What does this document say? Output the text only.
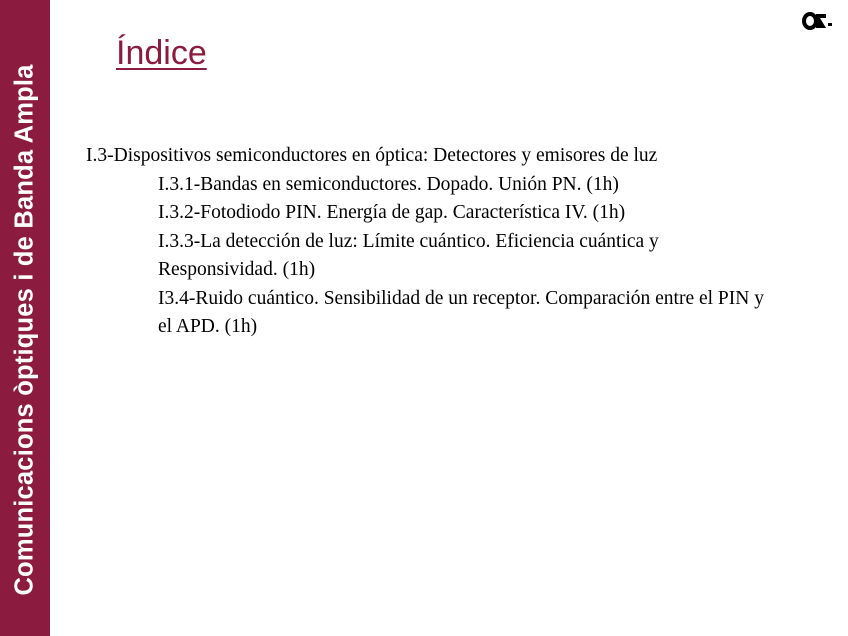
Comunicacions òptiques i de Banda Ampla
Índice
I.3-Dispositivos semiconductores en óptica: Detectores y emisores de luz
I.3.1-Bandas en semiconductores. Dopado. Unión PN. (1h)
I.3.2-Fotodiodo PIN. Energía de gap. Característica IV. (1h)
I.3.3-La detección de luz: Límite cuántico. Eficiencia cuántica y Responsividad. (1h)
I3.4-Ruido cuántico. Sensibilidad de un receptor. Comparación entre el PIN y el APD. (1h)
